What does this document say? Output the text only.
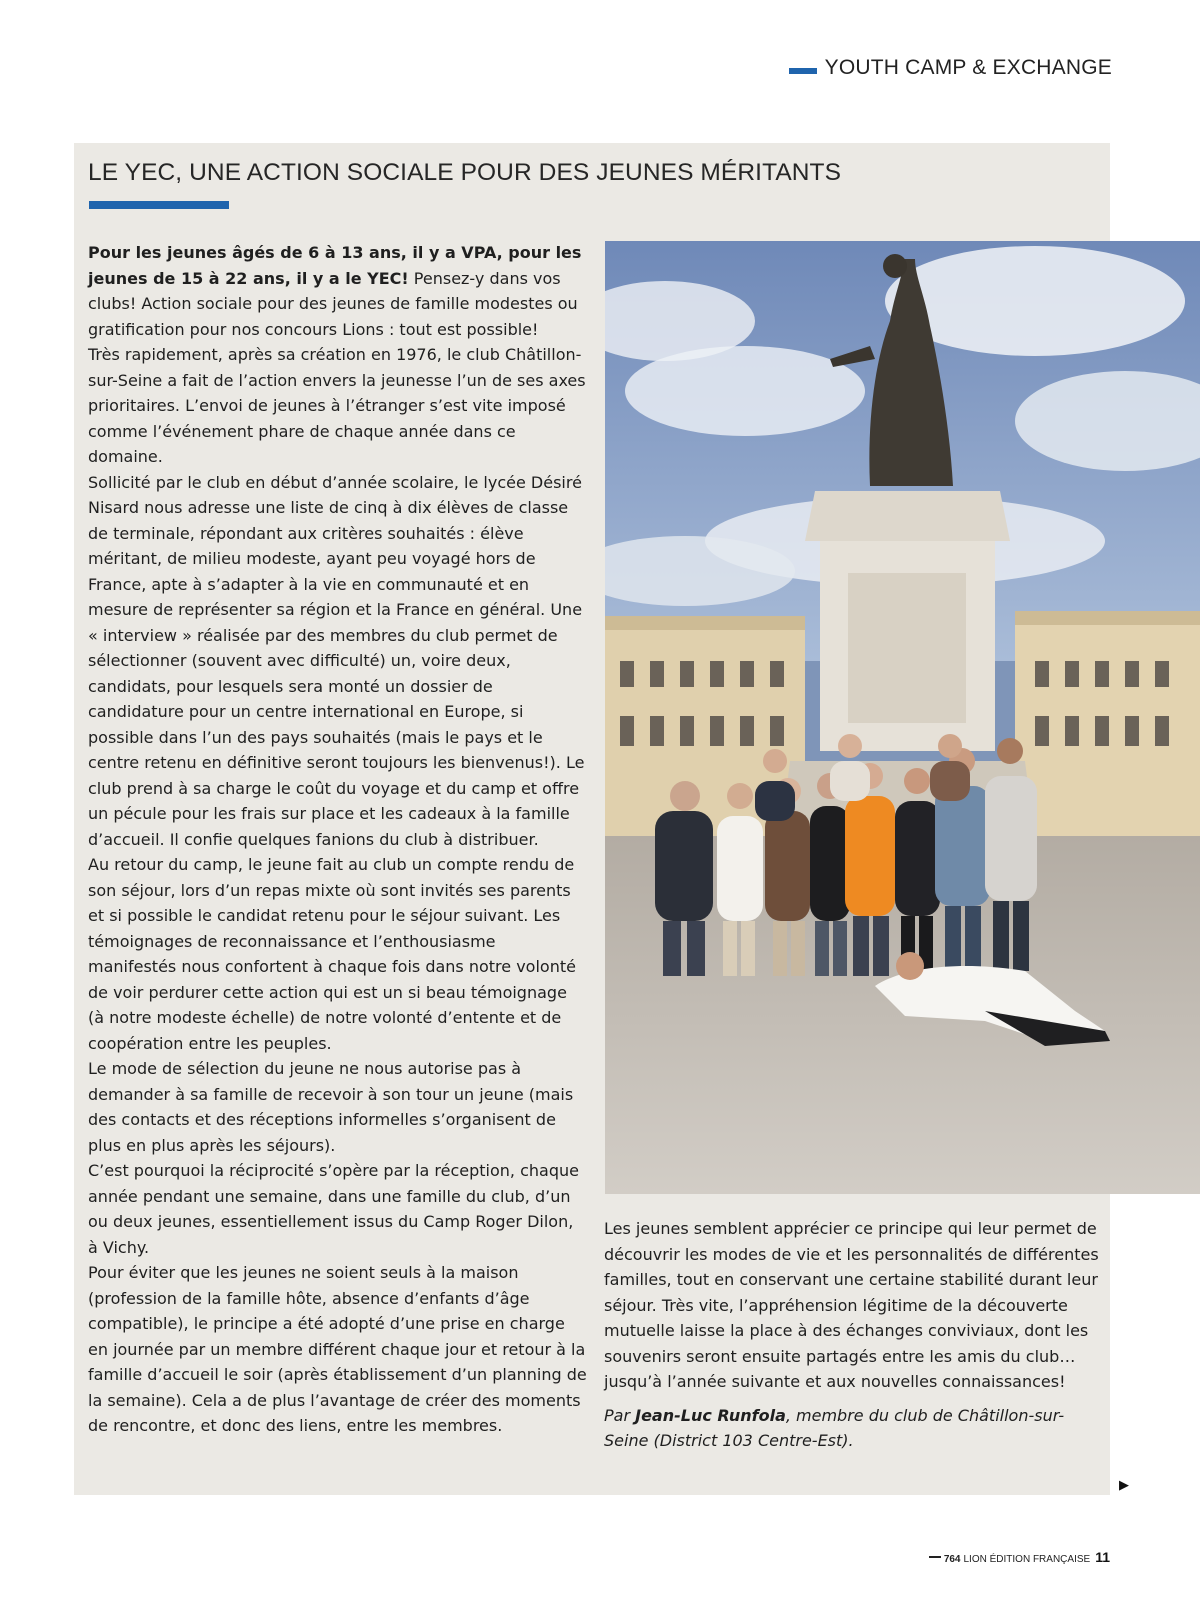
YOUTH CAMP & EXCHANGE
LE YEC, UNE ACTION SOCIALE POUR DES JEUNES MÉRITANTS

Pour les jeunes âgés de 6 à 13 ans, il y a VPA, pour les jeunes de 15 à 22 ans, il y a le YEC! Pensez-y dans vos clubs! Action sociale pour des jeunes de famille modestes ou gratification pour nos concours Lions : tout est possible!

Très rapidement, après sa création en 1976, le club Châtillon-sur-Seine a fait de l’action envers la jeunesse l’un de ses axes prioritaires. L’envoi de jeunes à l’étranger s’est vite imposé comme l’événement phare de chaque année dans ce domaine.

Sollicité par le club en début d’année scolaire, le lycée Désiré Nisard nous adresse une liste de cinq à dix élèves de classe de terminale, répondant aux critères souhaités : élève méritant, de milieu modeste, ayant peu voyagé hors de France, apte à s’adapter à la vie en communauté et en mesure de représenter sa région et la France en général. Une « interview » réalisée par des membres du club permet de sélectionner (souvent avec difficulté) un, voire deux, candidats, pour lesquels sera monté un dossier de candidature pour un centre international en Europe, si possible dans l’un des pays souhaités (mais le pays et le centre retenu en définitive seront toujours les bienvenus!). Le club prend à sa charge le coût du voyage et du camp et offre un pécule pour les frais sur place et les cadeaux à la famille d’accueil. Il confie quelques fanions du club à distribuer.

Au retour du camp, le jeune fait au club un compte rendu de son séjour, lors d’un repas mixte où sont invités ses parents et si possible le candidat retenu pour le séjour suivant. Les témoignages de reconnaissance et l’enthousiasme manifestés nous confortent à chaque fois dans notre volonté de voir perdurer cette action qui est un si beau témoignage (à notre modeste échelle) de notre volonté d’entente et de coopération entre les peuples.

Le mode de sélection du jeune ne nous autorise pas à demander à sa famille de recevoir à son tour un jeune (mais des contacts et des réceptions informelles s’organisent de plus en plus après les séjours).

C’est pourquoi la réciprocité s’opère par la réception, chaque année pendant une semaine, dans une famille du club, d’un ou deux jeunes, essentiellement issus du Camp Roger Dilon, à Vichy.

Pour éviter que les jeunes ne soient seuls à la maison (profession de la famille hôte, absence d’enfants d’âge compatible), le principe a été adopté d’une prise en charge en journée par un membre différent chaque jour et retour à la famille d’accueil le soir (après établissement d’un planning de la semaine). Cela a de plus l’avantage de créer des moments de rencontre, et donc des liens, entre les membres.

Les jeunes semblent apprécier ce principe qui leur permet de découvrir les modes de vie et les personnalités de différentes familles, tout en conservant une certaine stabilité durant leur séjour. Très vite, l’appréhension légitime de la découverte mutuelle laisse la place à des échanges conviviaux, dont les souvenirs seront ensuite partagés entre les amis du club… jusqu’à l’année suivante et aux nouvelles connaissances!

Par Jean-Luc Runfola, membre du club de Châtillon-sur-Seine (District 103 Centre-Est).

▶
764 LION ÉDITION FRANÇAISE 11
